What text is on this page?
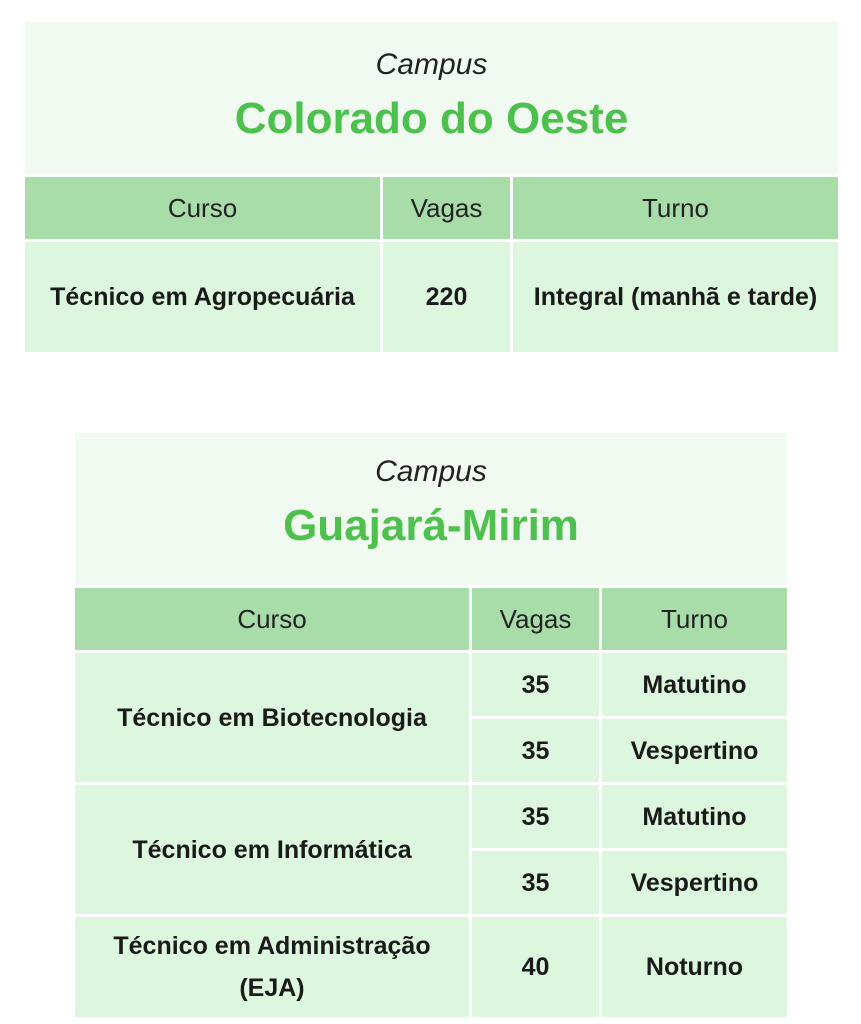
Campus
Colorado do Oeste
Curso	Vagas	Turno
Técnico em Agropecuária	220	Integral (manhã e tarde)
Campus
Guajará-Mirim
Curso	Vagas	Turno
Técnico em Biotecnologia	35	Matutino
	35	Vespertino
Técnico em Informática	35	Matutino
	35	Vespertino
Técnico em Administração (EJA)	40	Noturno
